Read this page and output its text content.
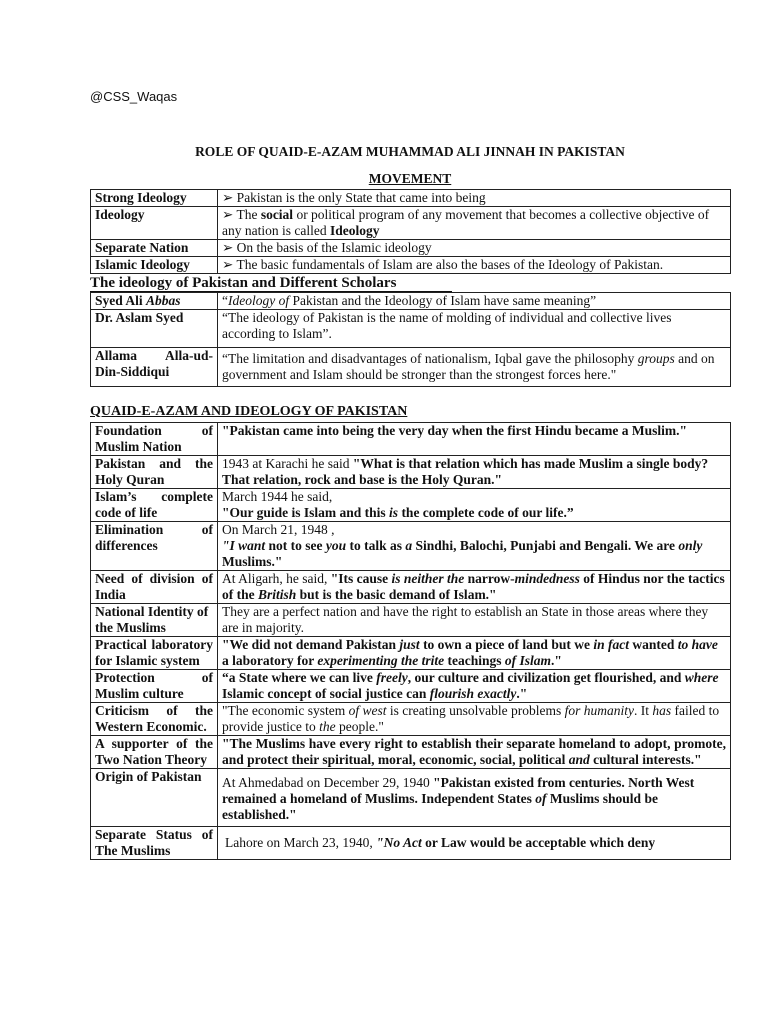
@CSS_Waqas
ROLE OF QUAID-E-AZAM MUHAMMAD ALI JINNAH IN PAKISTAN
MOVEMENT
Strong Ideology	➢ Pakistan is the only State that came into being
Ideology	➢ The social or political program of any movement that becomes a collective objective of any nation is called Ideology
Separate Nation	➢ On the basis of the Islamic ideology
Islamic Ideology	➢ The basic fundamentals of Islam are also the bases of the Ideology of Pakistan.
The ideology of Pakistan and Different Scholars
Syed Ali Abbas	“Ideology of Pakistan and the Ideology of Islam have same meaning”
Dr. Aslam Syed	“The ideology of Pakistan is the name of molding of individual and collective lives according to Islam”.
Allama Alla-ud-Din-Siddiqui	“The limitation and disadvantages of nationalism, Iqbal gave the philosophy groups and on government and Islam should be stronger than the strongest forces here."
QUAID-E-AZAM AND IDEOLOGY OF PAKISTAN
Foundation of Muslim Nation	"Pakistan came into being the very day when the first Hindu became a Muslim."
Pakistan and the Holy Quran	1943 at Karachi he said "What is that relation which has made Muslim a single body? That relation, rock and base is the Holy Quran."
Islam’s complete code of life	March 1944 he said,
"Our guide is Islam and this is the complete code of our life.”

Elimination of differences	On March 21, 1948 ,
"I want not to see you to talk as a Sindhi, Balochi, Punjabi and Bengali. We are only Muslims."

Need of division of India	At Aligarh, he said, "Its cause is neither the narrow-mindedness of Hindus nor the tactics of the British but is the basic demand of Islam."
National Identity of the Muslims	They are a perfect nation and have the right to establish an State in those areas where they are in majority.
Practical laboratory for Islamic system	"We did not demand Pakistan just to own a piece of land but we in fact wanted to have a laboratory for experimenting the trite teachings of Islam."
Protection of Muslim culture	“a State where we can live freely, our culture and civilization get flourished, and where Islamic concept of social justice can flourish exactly."
Criticism of the Western Economic.	"The economic system of west is creating unsolvable problems for humanity. It has failed to provide justice to the people."
A supporter of the Two Nation Theory	"The Muslims have every right to establish their separate homeland to adopt, promote, and protect their spiritual, moral, economic, social, political and cultural interests."
Origin of Pakistan	At Ahmedabad on December 29, 1940 "Pakistan existed from centuries. North West remained a homeland of Muslims. Independent States of Muslims should be established."
Separate Status of The Muslims	Lahore on March 23, 1940, "No Act or Law would be acceptable which deny
